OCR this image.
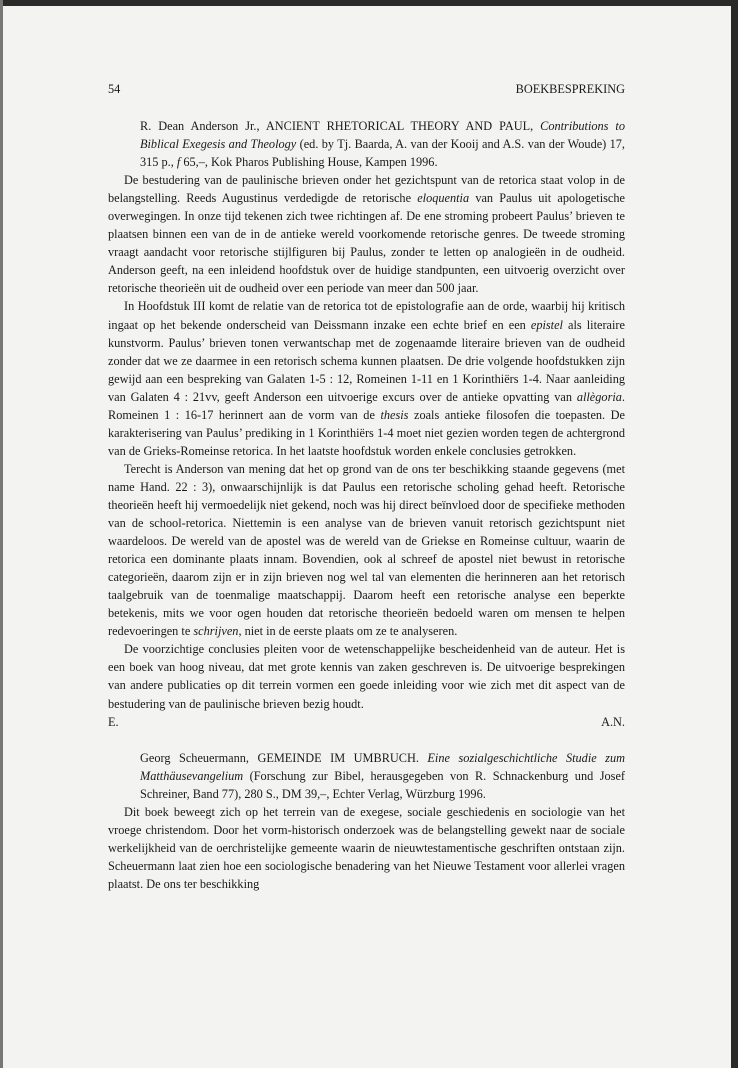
54	BOEKBESPREKING
R. Dean Anderson Jr., ANCIENT RHETORICAL THEORY AND PAUL, Contributions to Biblical Exegesis and Theology (ed. by Tj. Baarda, A. van der Kooij and A.S. van der Woude) 17, 315 p., f 65,–, Kok Pharos Publishing House, Kampen 1996.

De bestudering van de paulinische brieven onder het gezichtspunt van de retorica staat volop in de belangstelling. Reeds Augustinus verdedigde de retorische eloquentia van Paulus uit apologetische overwegingen. In onze tijd tekenen zich twee richtingen af. De ene stroming probeert Paulus’ brieven te plaatsen binnen een van de in de antieke wereld voorkomende retorische genres. De tweede stroming vraagt aandacht voor retorische stijlfiguren bij Paulus, zonder te letten op analogieën in de oudheid. Anderson geeft, na een inleidend hoofdstuk over de huidige standpunten, een uitvoerig overzicht over retorische theorieën uit de oudheid over een periode van meer dan 500 jaar.

In Hoofdstuk III komt de relatie van de retorica tot de epistolografie aan de orde, waarbij hij kritisch ingaat op het bekende onderscheid van Deissmann inzake een echte brief en een epistel als literaire kunstvorm. Paulus’ brieven tonen verwantschap met de zogenaamde literaire brieven van de oudheid zonder dat we ze daarmee in een retorisch schema kunnen plaatsen. De drie volgende hoofdstukken zijn gewijd aan een bespreking van Galaten 1-5 : 12, Romeinen 1-11 en 1 Korinthiërs 1-4. Naar aanleiding van Galaten 4 : 21vv, geeft Anderson een uitvoerige excurs over de antieke opvatting van allègoria. Romeinen 1 : 16-17 herinnert aan de vorm van de thesis zoals antieke filosofen die toepasten. De karakterisering van Paulus’ prediking in 1 Korinthiërs 1-4 moet niet gezien worden tegen de achtergrond van de Grieks-Romeinse retorica. In het laatste hoofdstuk worden enkele conclusies getrokken.

Terecht is Anderson van mening dat het op grond van de ons ter beschikking staande gegevens (met name Hand. 22 : 3), onwaarschijnlijk is dat Paulus een retorische scholing gehad heeft. Retorische theorieën heeft hij vermoedelijk niet gekend, noch was hij direct beïnvloed door de specifieke methoden van de school-retorica. Niettemin is een analyse van de brieven vanuit retorisch gezichtspunt niet waardeloos. De wereld van de apostel was de wereld van de Griekse en Romeinse cultuur, waarin de retorica een dominante plaats innam. Bovendien, ook al schreef de apostel niet bewust in retorische categorieën, daarom zijn er in zijn brieven nog wel tal van elementen die herinneren aan het retorisch taalgebruik van de toenmalige maatschappij. Daarom heeft een retorische analyse een beperkte betekenis, mits we voor ogen houden dat retorische theorieën bedoeld waren om mensen te helpen redevoeringen te schrijven, niet in de eerste plaats om ze te analyseren.

De voorzichtige conclusies pleiten voor de wetenschappelijke bescheidenheid van de auteur. Het is een boek van hoog niveau, dat met grote kennis van zaken geschreven is. De uitvoerige besprekingen van andere publicaties op dit terrein vormen een goede inleiding voor wie zich met dit aspect van de bestudering van de paulinische brieven bezig houdt.

E.	A.N.
Georg Scheuermann, GEMEINDE IM UMBRUCH. Eine sozialgeschichtliche Studie zum Matthäusevangelium (Forschung zur Bibel, herausgegeben von R. Schnackenburg und Josef Schreiner, Band 77), 280 S., DM 39,–, Echter Verlag, Würzburg 1996.

Dit boek beweegt zich op het terrein van de exegese, sociale geschiedenis en sociologie van het vroege christendom. Door het vorm-historisch onderzoek was de belangstelling gewekt naar de sociale werkelijkheid van de oerchristelijke gemeente waarin de nieuwtestamentische geschriften ontstaan zijn. Scheuermann laat zien hoe een sociologische benadering van het Nieuwe Testament voor allerlei vragen plaatst. De ons ter beschikking
